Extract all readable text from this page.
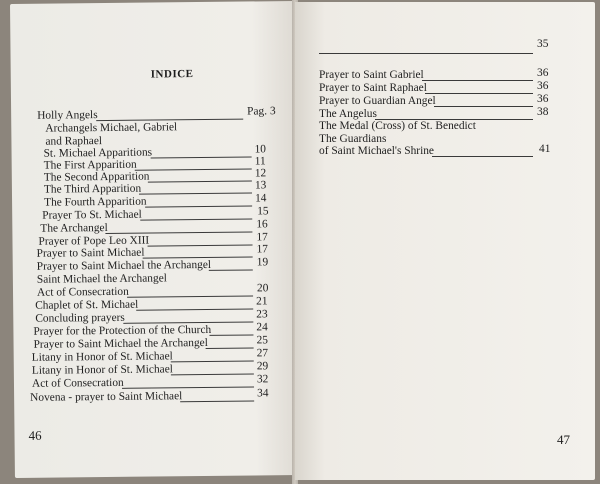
INDICE
Holly Angels	Pag. 3
Archangels Michael, Gabriel
and Raphael
St. Michael Apparitions	10
The First Apparition	11
The Second Apparition	12
The Third Apparition	13
The Fourth Apparition	14
Prayer To St. Michael	15
The Archangel	16
Prayer of Pope Leo XIII	17
Prayer to Saint Michael	17
Prayer to Saint Michael the Archangel	19
Saint Michael the Archangel
Act of Consecration	20
Chaplet of St. Michael	21
Concluding prayers	23
Prayer for the Protection of the Church	24
Prayer to Saint Michael the Archangel	25
Litany in Honor of St. Michael	27
Litany in Honor of St. Michael	29
Act of Consecration	32
Novena - prayer to Saint Michael	34
46
35
Prayer to Saint Gabriel	36
Prayer to Saint Raphael	36
Prayer to Guardian Angel	36
The Angelus	38
The Medal (Cross) of St. Benedict
The Guardians
of Saint Michael's Shrine	41
47
